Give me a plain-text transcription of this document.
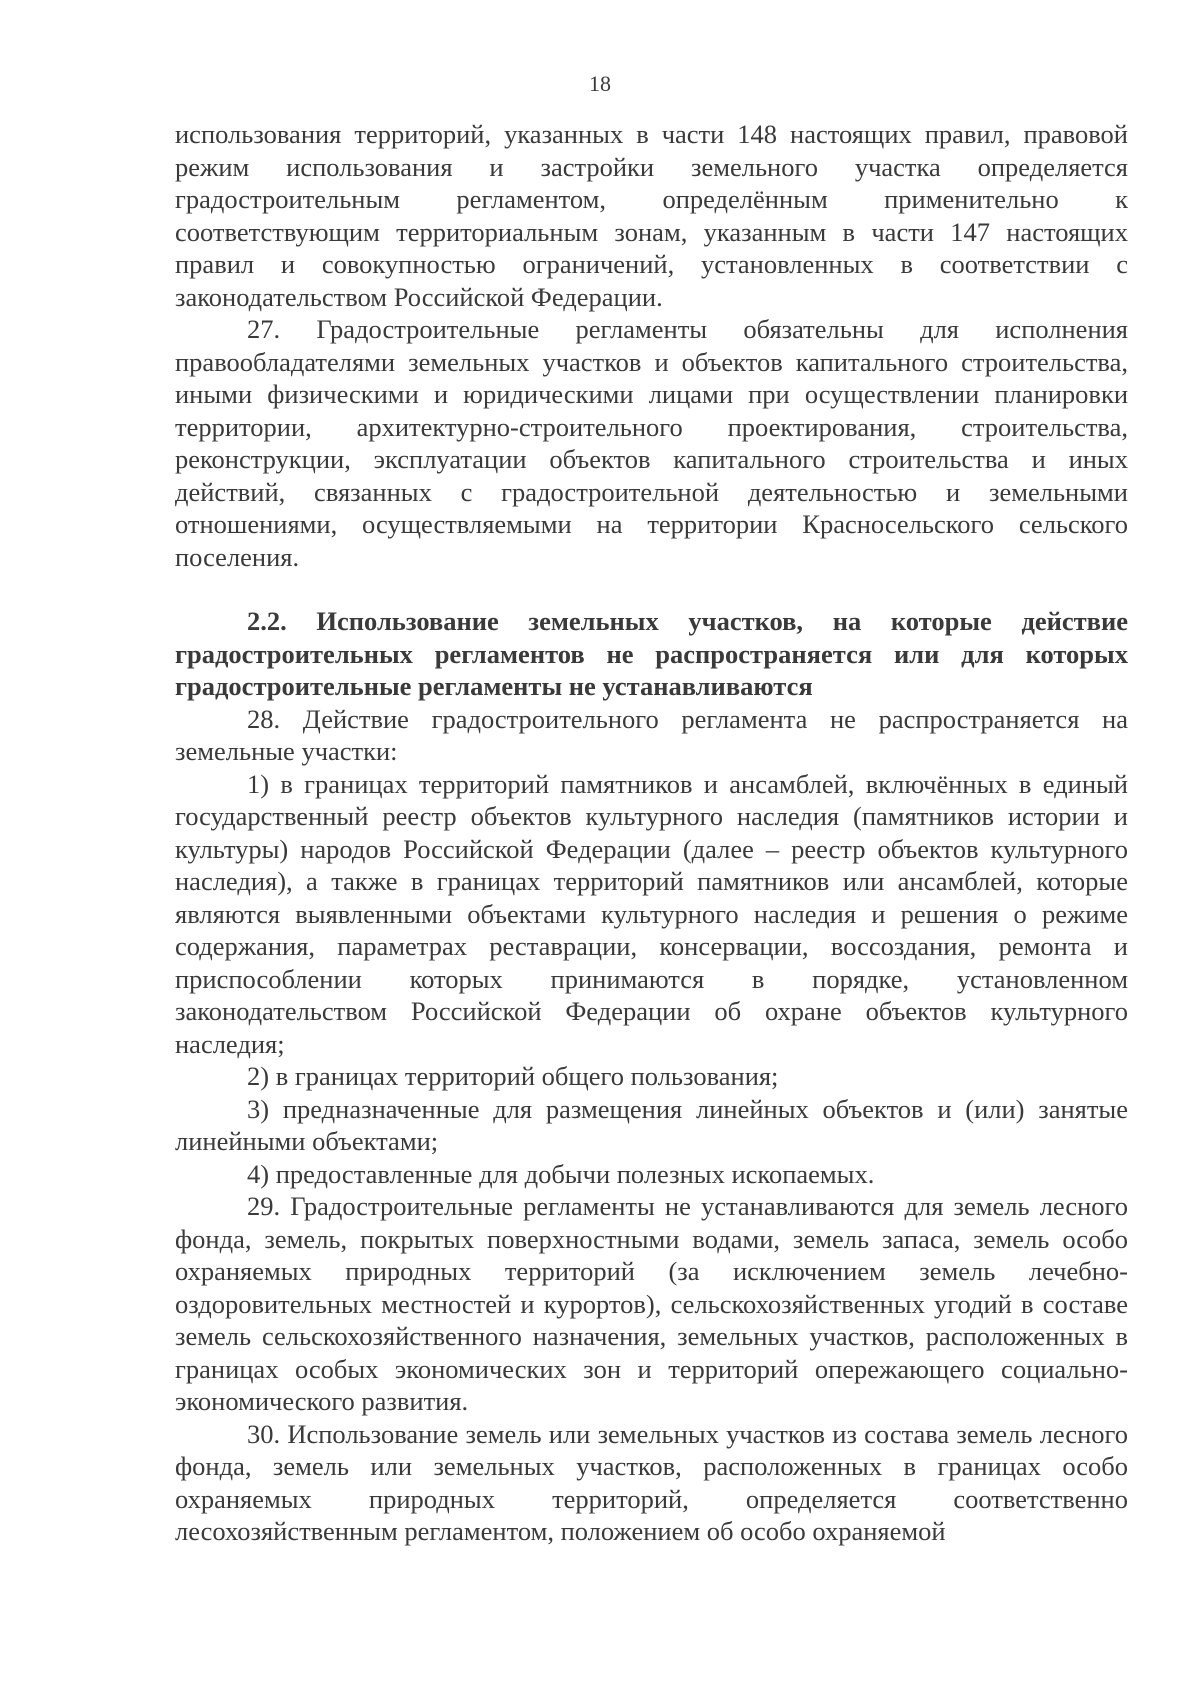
18

использования территорий, указанных в части 148 настоящих правил, правовой режим использования и застройки земельного участка определяется градостроительным регламентом, определённым применительно к соответствующим территориальным зонам, указанным в части 147 настоящих правил и совокупностью ограничений, установленных в соответствии с законодательством Российской Федерации.

27. Градостроительные регламенты обязательны для исполнения правообладателями земельных участков и объектов капитального строительства, иными физическими и юридическими лицами при осуществлении планировки территории, архитектурно-строительного проектирования, строительства, реконструкции, эксплуатации объектов капитального строительства и иных действий, связанных с градостроительной деятельностью и земельными отношениями, осуществляемыми на территории Красносельского сельского поселения.

2.2. Использование земельных участков, на которые действие градостроительных регламентов не распространяется или для которых градостроительные регламенты не устанавливаются

28. Действие градостроительного регламента не распространяется на земельные участки:

1) в границах территорий памятников и ансамблей, включённых в единый государственный реестр объектов культурного наследия (памятников истории и культуры) народов Российской Федерации (далее – реестр объектов культурного наследия), а также в границах территорий памятников или ансамблей, которые являются выявленными объектами культурного наследия и решения о режиме содержания, параметрах реставрации, консервации, воссоздания, ремонта и приспособлении которых принимаются в порядке, установленном законодательством Российской Федерации об охране объектов культурного наследия;

2) в границах территорий общего пользования;

3) предназначенные для размещения линейных объектов и (или) занятые линейными объектами;

4) предоставленные для добычи полезных ископаемых.

29. Градостроительные регламенты не устанавливаются для земель лесного фонда, земель, покрытых поверхностными водами, земель запаса, земель особо охраняемых природных территорий (за исключением земель лечебно-оздоровительных местностей и курортов), сельскохозяйственных угодий в составе земель сельскохозяйственного назначения, земельных участков, расположенных в границах особых экономических зон и территорий опережающего социально-экономического развития.

30. Использование земель или земельных участков из состава земель лесного фонда, земель или земельных участков, расположенных в границах особо охраняемых природных территорий, определяется соответственно лесохозяйственным регламентом, положением об особо охраняемой
